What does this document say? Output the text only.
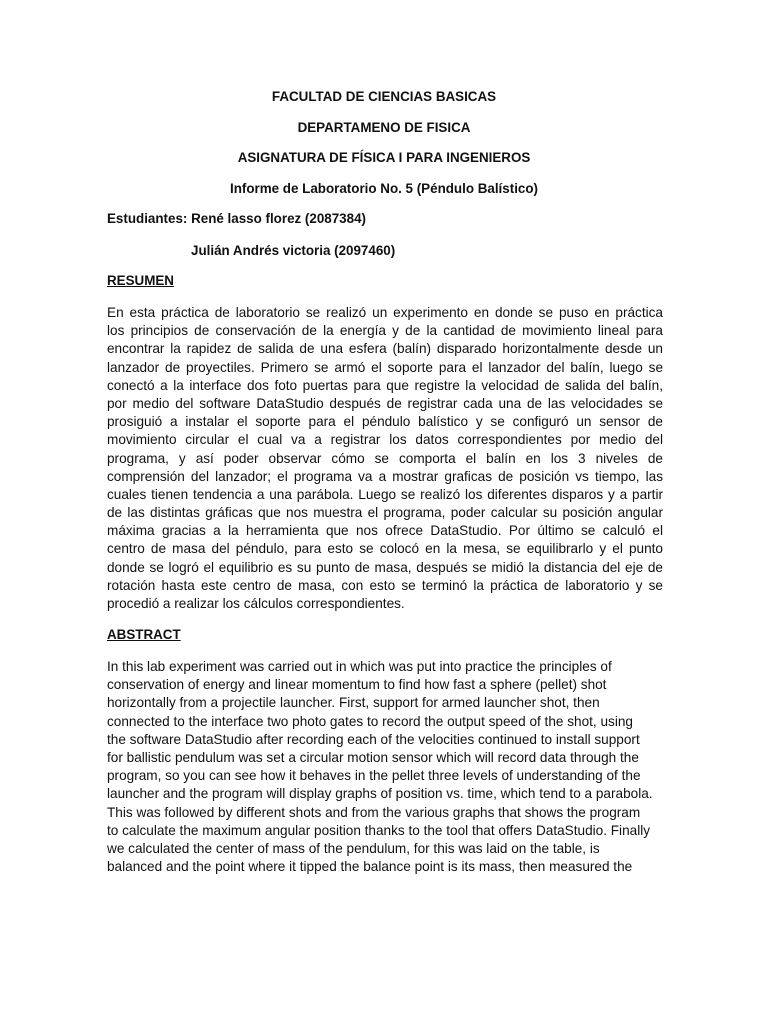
FACULTAD DE CIENCIAS BASICAS
DEPARTAMENO DE FISICA
ASIGNATURA DE FÍSICA I PARA INGENIEROS
Informe de Laboratorio No. 5 (Péndulo Balístico)
Estudiantes: René lasso florez (2087384)
Julián Andrés victoria (2097460)
RESUMEN
En esta práctica de laboratorio se realizó un experimento en donde se puso en práctica
los principios de conservación de la energía y de la cantidad de movimiento lineal para
encontrar la rapidez de salida de una esfera (balín) disparado horizontalmente desde un
lanzador de proyectiles. Primero se armó el soporte para el lanzador del balín, luego se
conectó a la interface dos foto puertas para que registre la velocidad de salida del balín,
por medio del software DataStudio después de registrar cada una de las velocidades se
prosiguió a instalar el soporte para el péndulo balístico y se configuró un sensor de
movimiento circular el cual va a registrar los datos correspondientes por medio del
programa, y así poder observar cómo se comporta el balín en los 3 niveles de
comprensión del lanzador; el programa va a mostrar graficas de posición vs tiempo, las
cuales tienen tendencia a una parábola. Luego se realizó los diferentes disparos y a partir
de las distintas gráficas que nos muestra el programa, poder calcular su posición angular
máxima gracias a la herramienta que nos ofrece DataStudio. Por último se calculó el
centro de masa del péndulo, para esto se colocó en la mesa, se equilibrarlo y el punto
donde se logró el equilibrio es su punto de masa, después se midió la distancia del eje de
rotación hasta este centro de masa, con esto se terminó la práctica de laboratorio y se
procedió a realizar los cálculos correspondientes.
ABSTRACT
In this lab experiment was carried out in which was put into practice the principles of
conservation of energy and linear momentum to find how fast a sphere (pellet) shot
horizontally from a projectile launcher. First, support for armed launcher shot, then
connected to the interface two photo gates to record the output speed of the shot, using
the software DataStudio after recording each of the velocities continued to install support
for ballistic pendulum was set a circular motion sensor which will record data through the
program, so you can see how it behaves in the pellet three levels of understanding of the
launcher and the program will display graphs of position vs. time, which tend to a parabola.
This was followed by different shots and from the various graphs that shows the program
to calculate the maximum angular position thanks to the tool that offers DataStudio. Finally
we calculated the center of mass of the pendulum, for this was laid on the table, is
balanced and the point where it tipped the balance point is its mass, then measured the
